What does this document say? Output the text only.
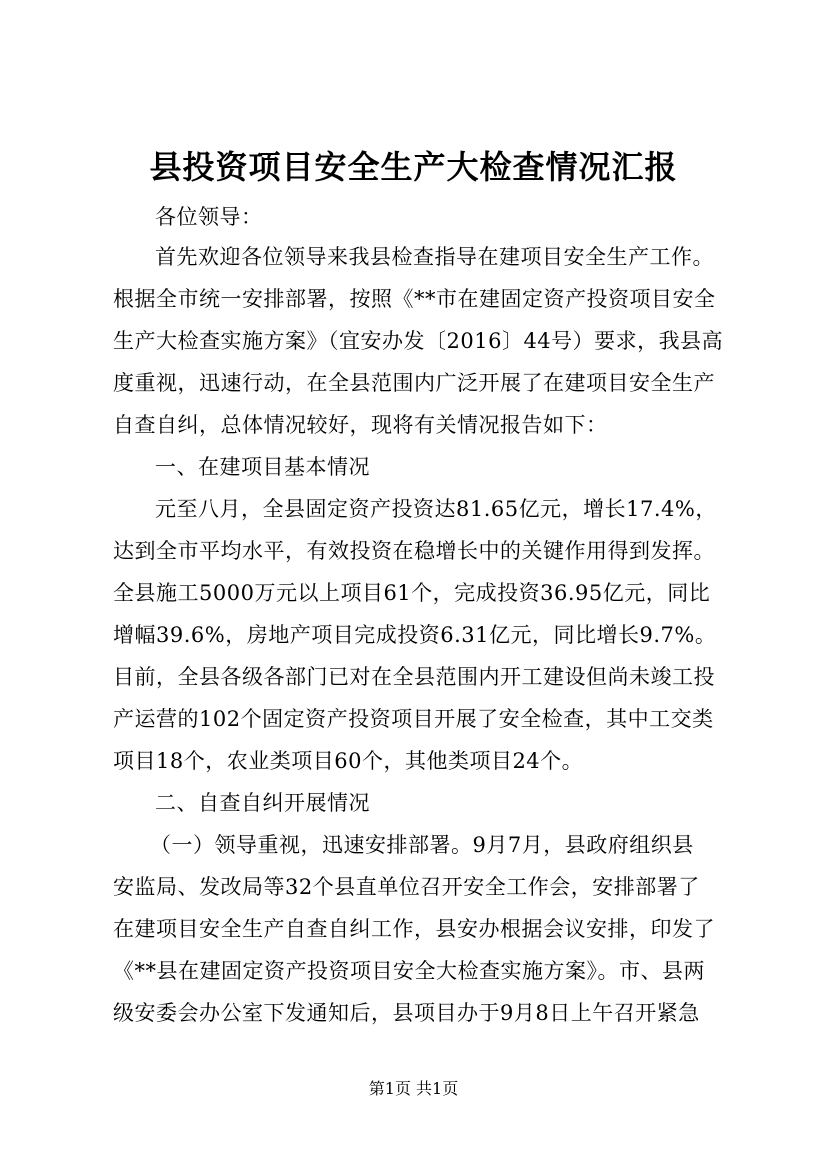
县投资项目安全生产大检查情况汇报
各位领导：
首先欢迎各位领导来我县检查指导在建项目安全生产工作。
根据全市统一安排部署，按照《**市在建固定资产投资项目安全
生产大检查实施方案》（宜安办发〔2016〕44号）要求，我县高
度重视，迅速行动，在全县范围内广泛开展了在建项目安全生产
自查自纠，总体情况较好，现将有关情况报告如下：
一、在建项目基本情况
元至八月，全县固定资产投资达81.65亿元，增长17.4%，
达到全市平均水平，有效投资在稳增长中的关键作用得到发挥。
全县施工5000万元以上项目61个，完成投资36.95亿元，同比
增幅39.6%，房地产项目完成投资6.31亿元，同比增长9.7%。
目前，全县各级各部门已对在全县范围内开工建设但尚未竣工投
产运营的102个固定资产投资项目开展了安全检查，其中工交类
项目18个，农业类项目60个，其他类项目24个。
二、自查自纠开展情况
（一）领导重视，迅速安排部署。9月7月，县政府组织县
安监局、发改局等32个县直单位召开安全工作会，安排部署了
在建项目安全生产自查自纠工作，县安办根据会议安排，印发了
《**县在建固定资产投资项目安全大检查实施方案》。市、县两
级安委会办公室下发通知后，县项目办于9月8日上午召开紧急
第1页 共1页
